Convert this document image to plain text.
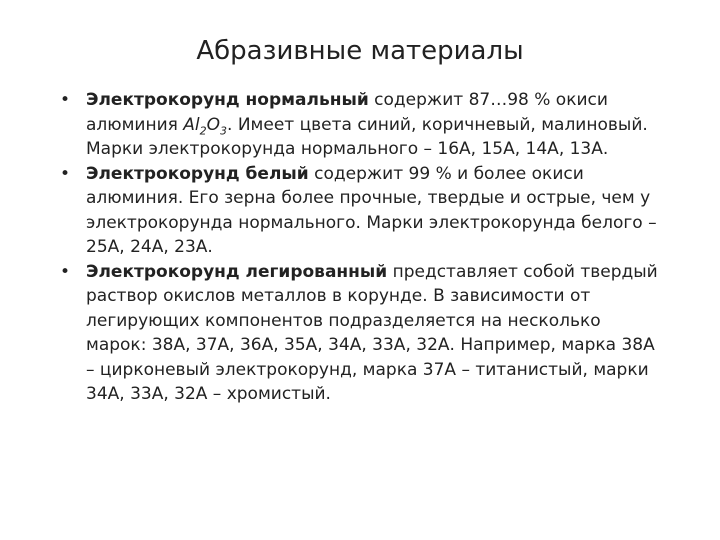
Абразивные материалы
• Электрокорунд нормальный содержит 87…98 % окиси алюминия $Al_2O_3$. Имеет цвета синий, коричневый, малиновый. Марки электрокорунда нормального – 16А, 15А, 14А, 13А.
• Электрокорунд белый содержит 99 % и более окиси алюминия. Его зерна более прочные, твердые и острые, чем у электрокорунда нормального. Марки электрокорунда белого – 25А, 24А, 23А.
• Электрокорунд легированный представляет собой твердый раствор окислов металлов в корунде. В зависимости от легирующих компонентов подразделяется на несколько марок: 38А, 37А, 36А, 35А, 34А, 33А, 32А. Например, марка 38А – цирконевый электрокорунд, марка 37А – титанистый, марки 34А, 33А, 32А – хромистый.
